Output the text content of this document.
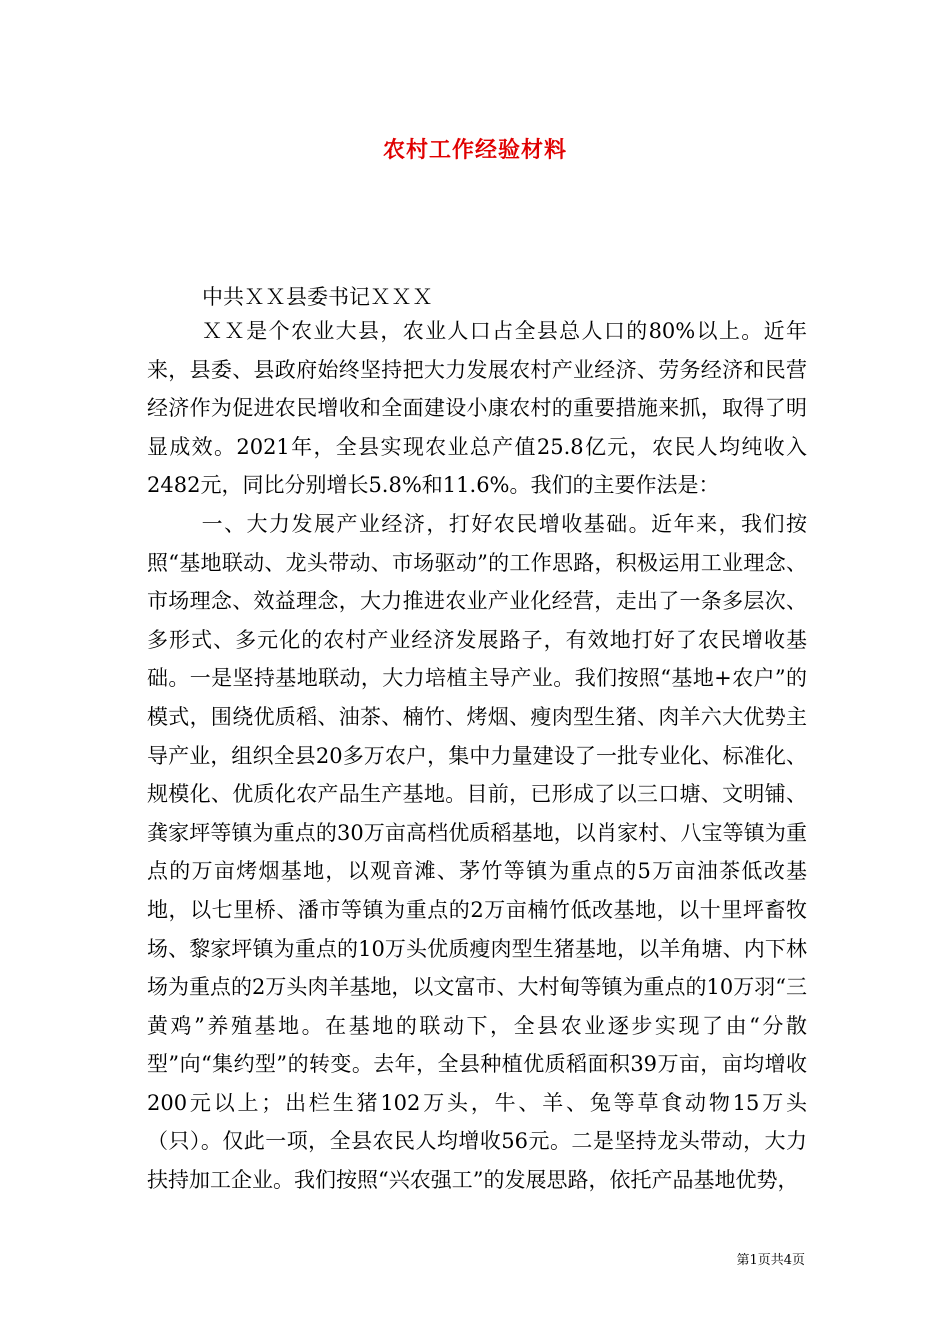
农村工作经验材料
中共ＸＸ县委书记ＸＸＸ

ＸＸ是个农业大县，农业人口占全县总人口的80%以上。近年来，县委、县政府始终坚持把大力发展农村产业经济、劳务经济和民营经济作为促进农民增收和全面建设小康农村的重要措施来抓，取得了明显成效。2021年，全县实现农业总产值25.8亿元，农民人均纯收入2482元，同比分别增长5.8%和11.6%。我们的主要作法是：

一、大力发展产业经济，打好农民增收基础。近年来，我们按照“基地联动、龙头带动、市场驱动”的工作思路，积极运用工业理念、市场理念、效益理念，大力推进农业产业化经营，走出了一条多层次、多形式、多元化的农村产业经济发展路子，有效地打好了农民增收基础。一是坚持基地联动，大力培植主导产业。我们按照“基地+农户”的模式，围绕优质稻、油茶、楠竹、烤烟、瘦肉型生猪、肉羊六大优势主导产业，组织全县20多万农户，集中力量建设了一批专业化、标准化、规模化、优质化农产品生产基地。目前，已形成了以三口塘、文明铺、龚家坪等镇为重点的30万亩高档优质稻基地，以肖家村、八宝等镇为重点的万亩烤烟基地，以观音滩、茅竹等镇为重点的5万亩油茶低改基地，以七里桥、潘市等镇为重点的2万亩楠竹低改基地，以十里坪畜牧场、黎家坪镇为重点的10万头优质瘦肉型生猪基地，以羊角塘、内下林场为重点的2万头肉羊基地，以文富市、大村甸等镇为重点的10万羽“三黄鸡”养殖基地。在基地的联动下，全县农业逐步实现了由“分散型”向“集约型”的转变。去年，全县种植优质稻面积39万亩，亩均增收200元以上；出栏生猪102万头，牛、羊、兔等草食动物15万头（只）。仅此一项，全县农民人均增收56元。二是坚持龙头带动，大力扶持加工企业。我们按照“兴农强工”的发展思路，依托产品基地优势，

第1页共4页
